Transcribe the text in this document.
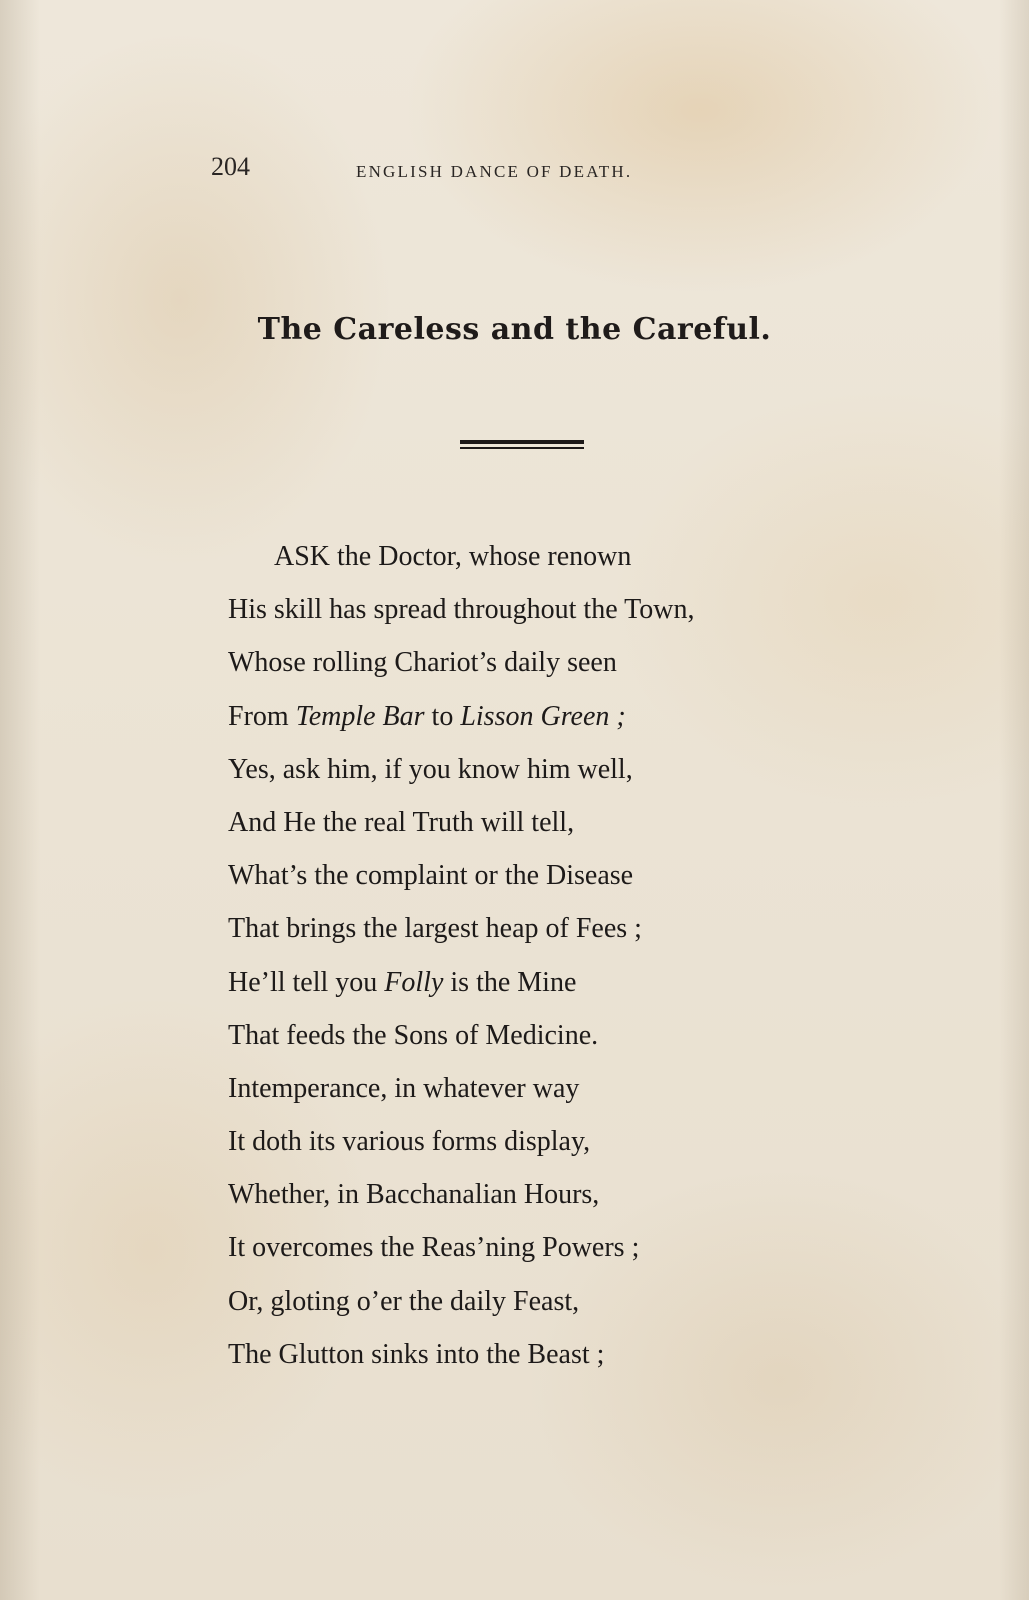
204	ENGLISH DANCE OF DEATH.
The Careless and the Careful.
ASK the Doctor, whose renown
His skill has spread throughout the Town,
Whose rolling Chariot’s daily seen
From Temple Bar to Lisson Green ;
Yes, ask him, if you know him well,
And He the real Truth will tell,
What’s the complaint or the Disease
That brings the largest heap of Fees ;
He’ll tell you Folly is the Mine
That feeds the Sons of Medicine.
Intemperance, in whatever way
It doth its various forms display,
Whether, in Bacchanalian Hours,
It overcomes the Reas’ning Powers ;
Or, gloting o’er the daily Feast,
The Glutton sinks into the Beast ;
